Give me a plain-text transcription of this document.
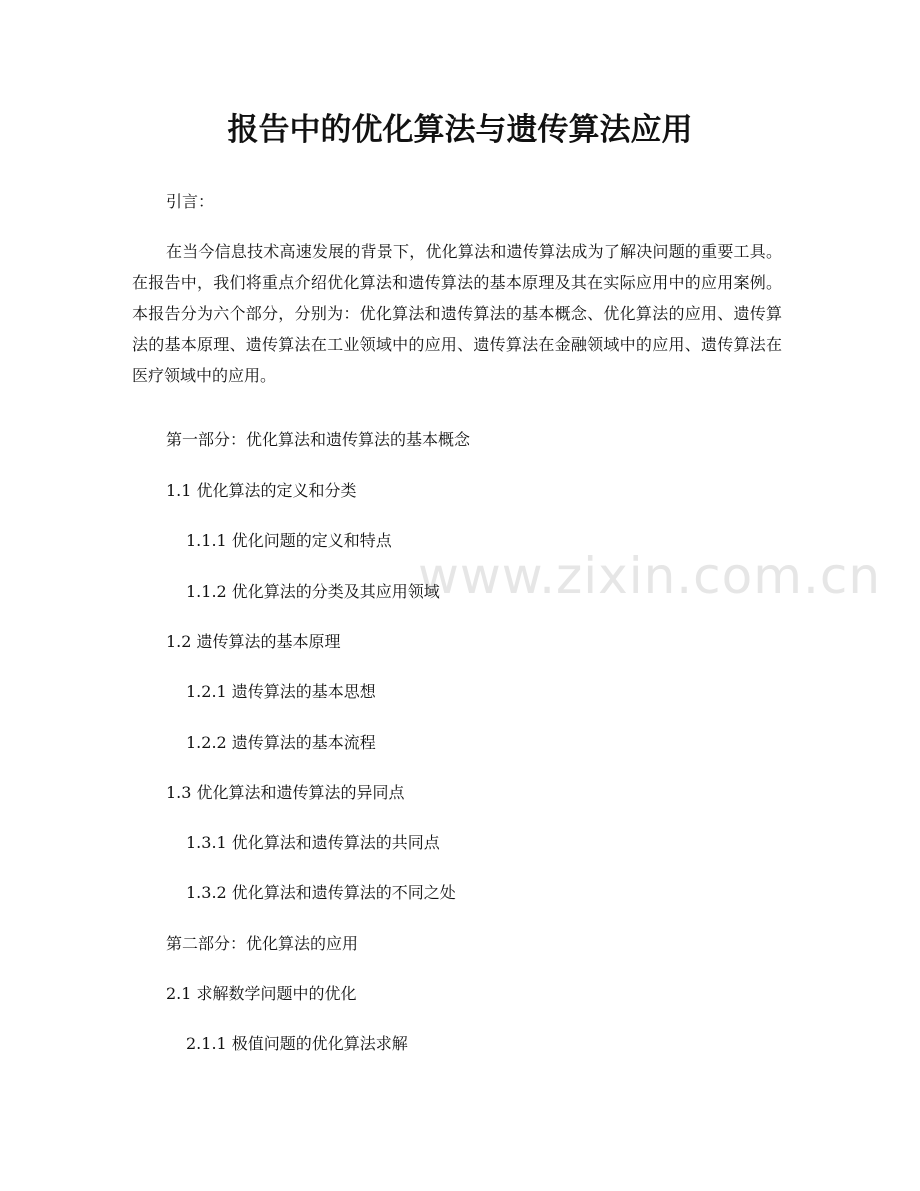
www.zixin.com.cn
报告中的优化算法与遗传算法应用

引言：

在当今信息技术高速发展的背景下，优化算法和遗传算法成为了解决问题的重要工具。在报告中，我们将重点介绍优化算法和遗传算法的基本原理及其在实际应用中的应用案例。本报告分为六个部分，分别为：优化算法和遗传算法的基本概念、优化算法的应用、遗传算法的基本原理、遗传算法在工业领域中的应用、遗传算法在金融领域中的应用、遗传算法在医疗领域中的应用。

第一部分：优化算法和遗传算法的基本概念

1.1 优化算法的定义和分类

1.1.1 优化问题的定义和特点

1.1.2 优化算法的分类及其应用领域

1.2 遗传算法的基本原理

1.2.1 遗传算法的基本思想

1.2.2 遗传算法的基本流程

1.3 优化算法和遗传算法的异同点

1.3.1 优化算法和遗传算法的共同点

1.3.2 优化算法和遗传算法的不同之处

第二部分：优化算法的应用

2.1 求解数学问题中的优化

2.1.1 极值问题的优化算法求解
